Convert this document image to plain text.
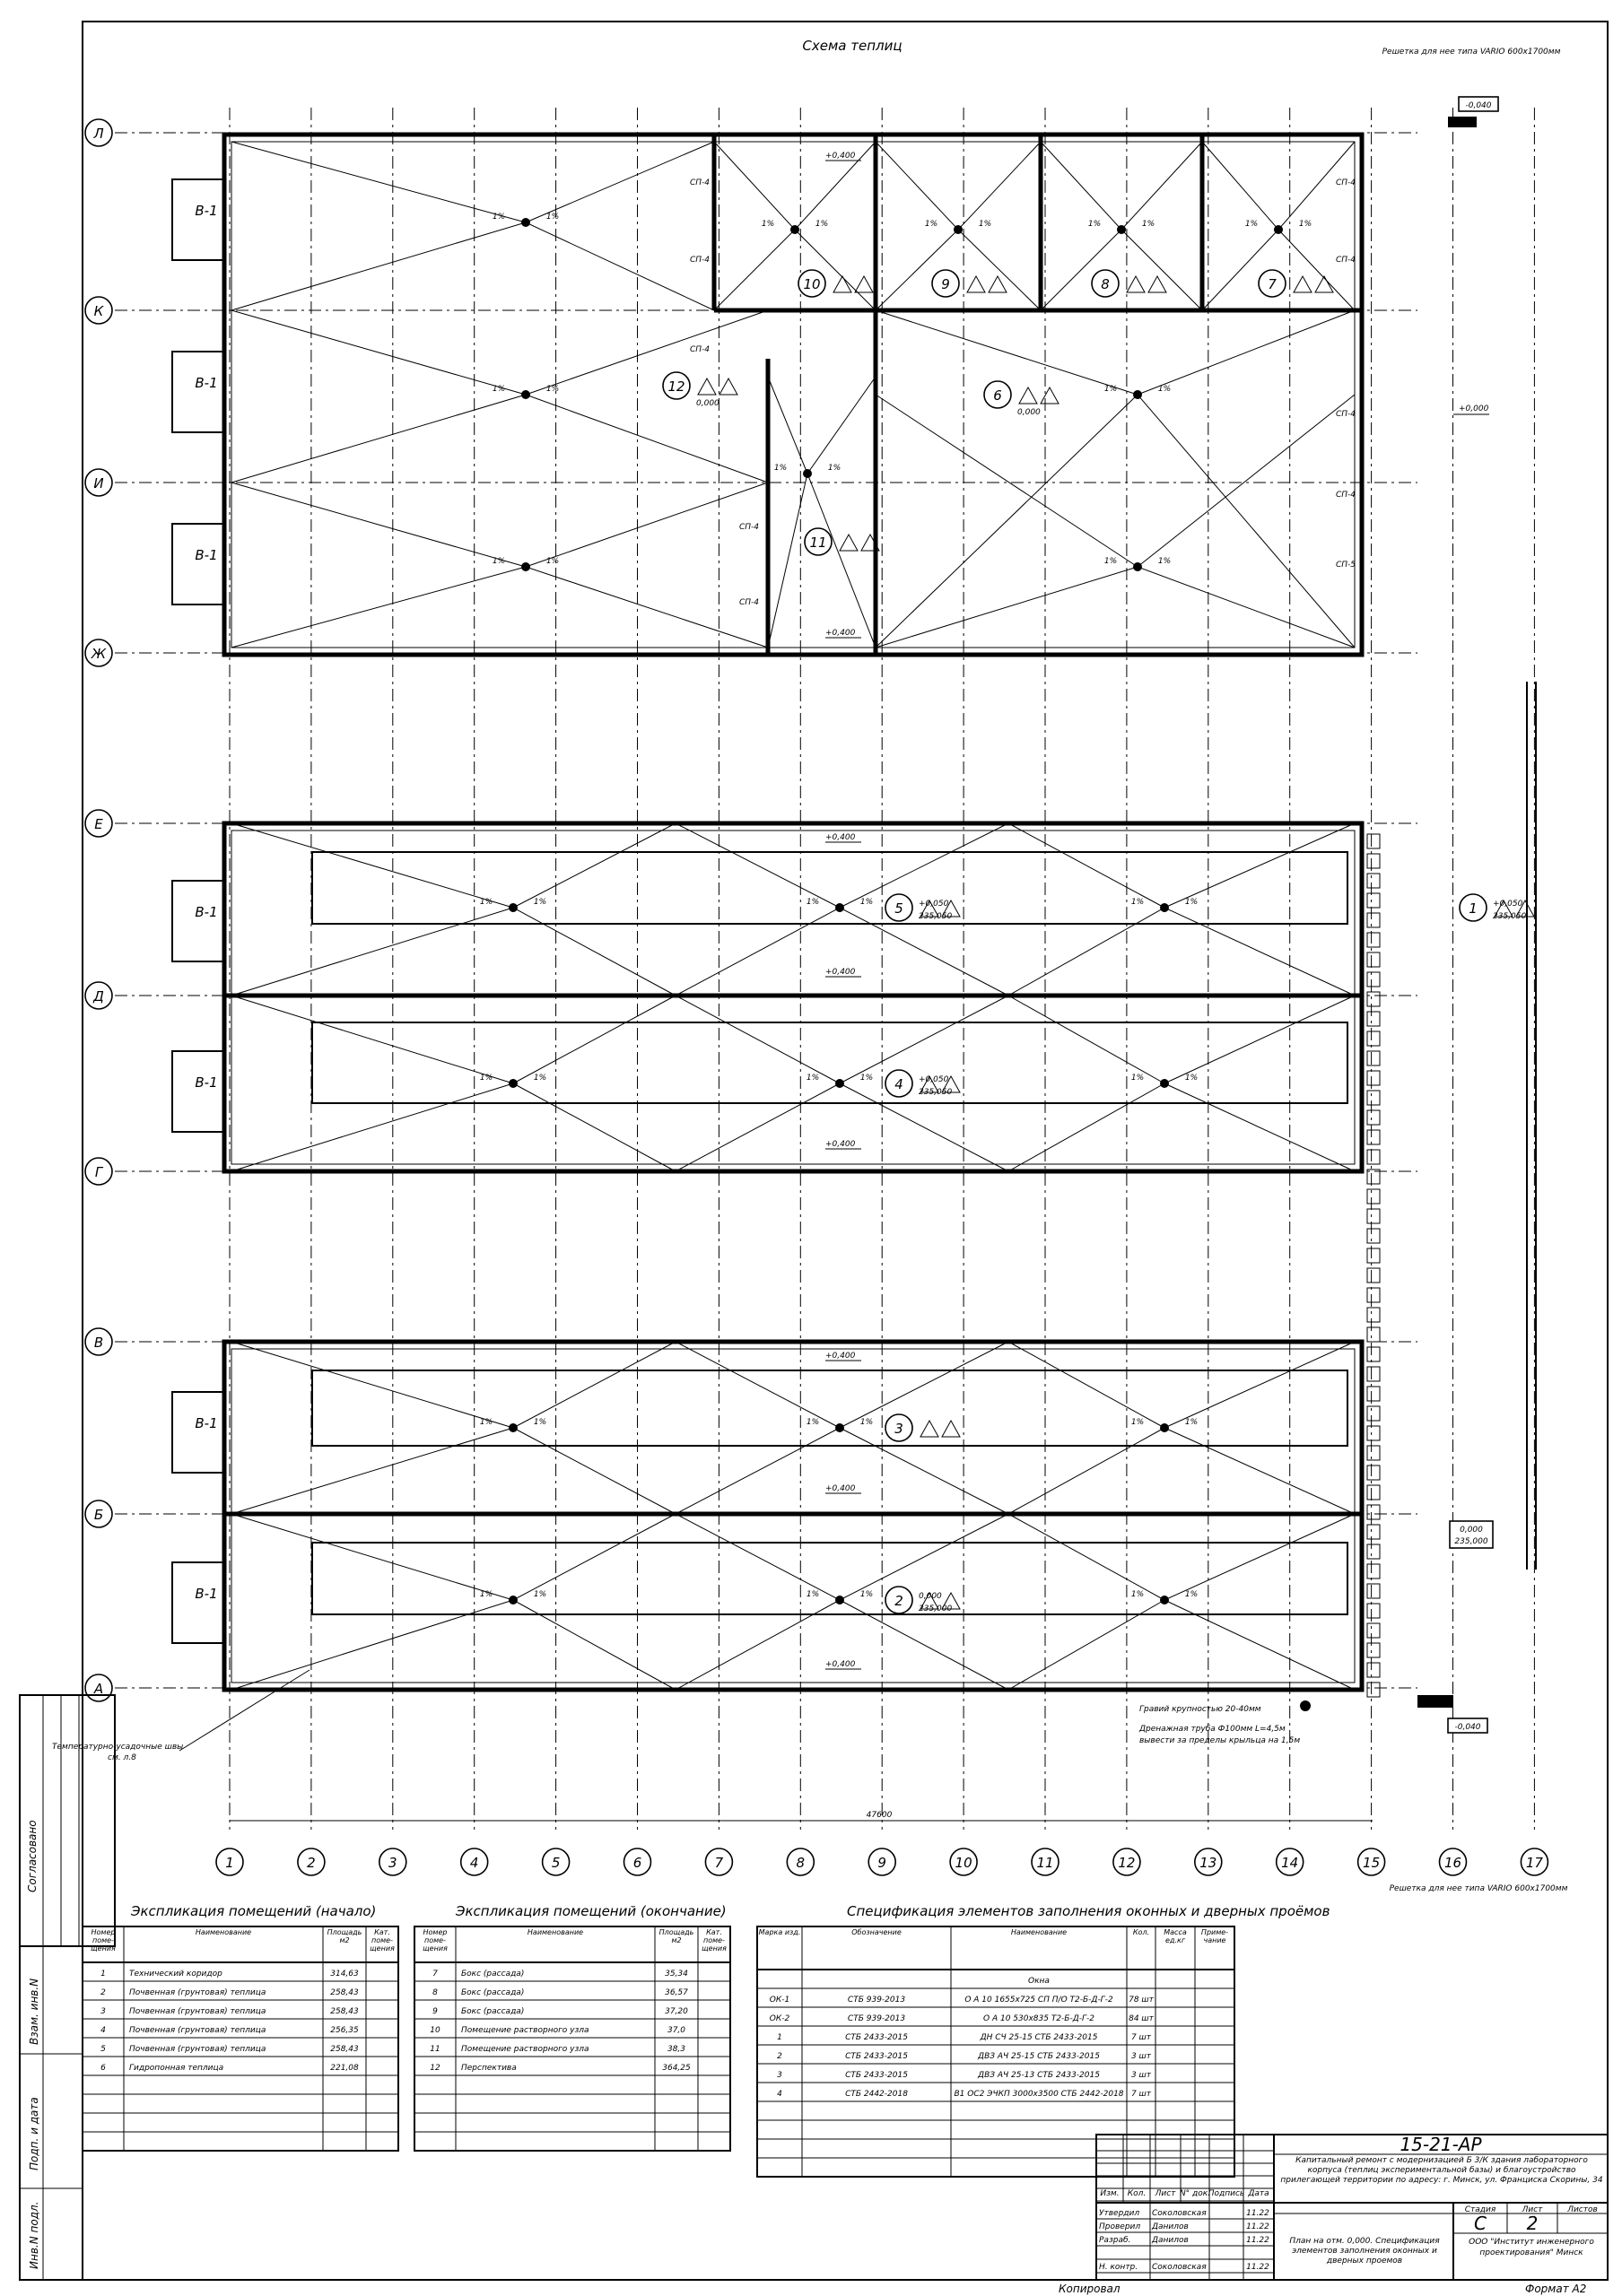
Схема теплиц
1	2	3	4	5	6	7	8	9	10	11	12	13	14	15	16	17
Л
К
И
Ж
Е
Д
Г
В
Б
А
В-1
В-1
В-1
В-1
В-1
В-1
В-1
1%	1%
1%	1%
1%	1%
1%	1%	1%	1%	1%	1%	1%	1%
1%	1%
1%	1%
1%	1%
1%	1%	1%	1%	1%	1%
1%	1%	1%	1%	1%	1%
1%	1%	1%	1%	1%	1%
1%	1%	1%	1%	1%	1%
+0,400
+0,400
+0,400
+0,400
+0,400
+0,400
+0,400
+0,400
СП-4
СП-4
СП-4
СП-4
СП-4
СП-4
СП-4
СП-4
СП-4
СП-5
12
0,000
10	9	8	7
6
0,000
11
5 +0,050
235,050
4 +0,050
235,050
3
2 0,000
235,000
1 +0,050
235,050
Решетка для нее типа VARIO 600х1700мм
-0,040
Решетка для нее типа VARIO 600х1700мм
-0,040
Гравий крупностью 20-40мм
Дренажная труба Ф100мм L=4,5м
вывести за пределы крыльца на 1,5м
Температурно-усадочные швы
см. л.8
47600
+0,000
0,000
235,000
Согласовано
Инв.N подл.
Подп. и дата
Взам. инв.N
Экспликация помещений (начало)
Номер поме-щения
Наименование	Площадь м2
Кат. поме-щения
1	Технический коридор	314,63
2	Почвенная (грунтовая) теплица	258,43
3	Почвенная (грунтовая) теплица	258,43
4	Почвенная (грунтовая) теплица	256,35
5	Почвенная (грунтовая) теплица	258,43
6	Гидропонная теплица	221,08
Экспликация помещений (окончание)
Номер поме-щения
Наименование	Площадь м2
Кат. поме-щения
7	Бокс (рассада)	35,34
8	Бокс (рассада)	36,57
9	Бокс (рассада)	37,20
10	Помещение растворного узла	37,0
11	Помещение растворного узла	38,3
12	Перспектива	364,25
Спецификация элементов заполнения оконных и дверных проёмов
Марка изд.	Обозначение	Наименование	Кол.	Масса ед.кг
Приме-чание
Окна
ОК-1	СТБ 939-2013	О А 10 1655х725 СП П/О Т2-Б-Д-Г-2 78 шт
ОК-2	СТБ 939-2013	О А 10 530х835 Т2-Б-Д-Г-2	84 шт
1	СТБ 2433-2015	ДН СЧ 25-15 СТБ 2433-2015	7 шт
2	СТБ 2433-2015	ДВЗ АЧ 25-15 СТБ 2433-2015	3 шт
3	СТБ 2433-2015	ДВЗ АЧ 25-13 СТБ 2433-2015	3 шт
4	СТБ 2442-2018	В1 ОС2 ЭЧКП 3000х3500 СТБ 2442-2018 7 шт
15-21-АР
Капитальный ремонт с модернизацией Б 3/К здания лабораторного корпуса (теплиц экспериментальной базы) и благоустройство прилегающей территории по адресу: г. Минск, ул. Франциска Скорины, 34
Стадия	Лист	Листов
С 2
План на отм. 0,000. Спецификация элементов заполнения оконных и дверных проемов
ООО "Институт инженерного проектирования" Минск
Изм. Кол. Лист N° док.
Подпись Дата
Утвердил Соколовская	11.22
Проверил Данилов	11.22
Разраб.	Данилов	11.22
Н. контр. Соколовская	11.22
Копировал	Формат А2
